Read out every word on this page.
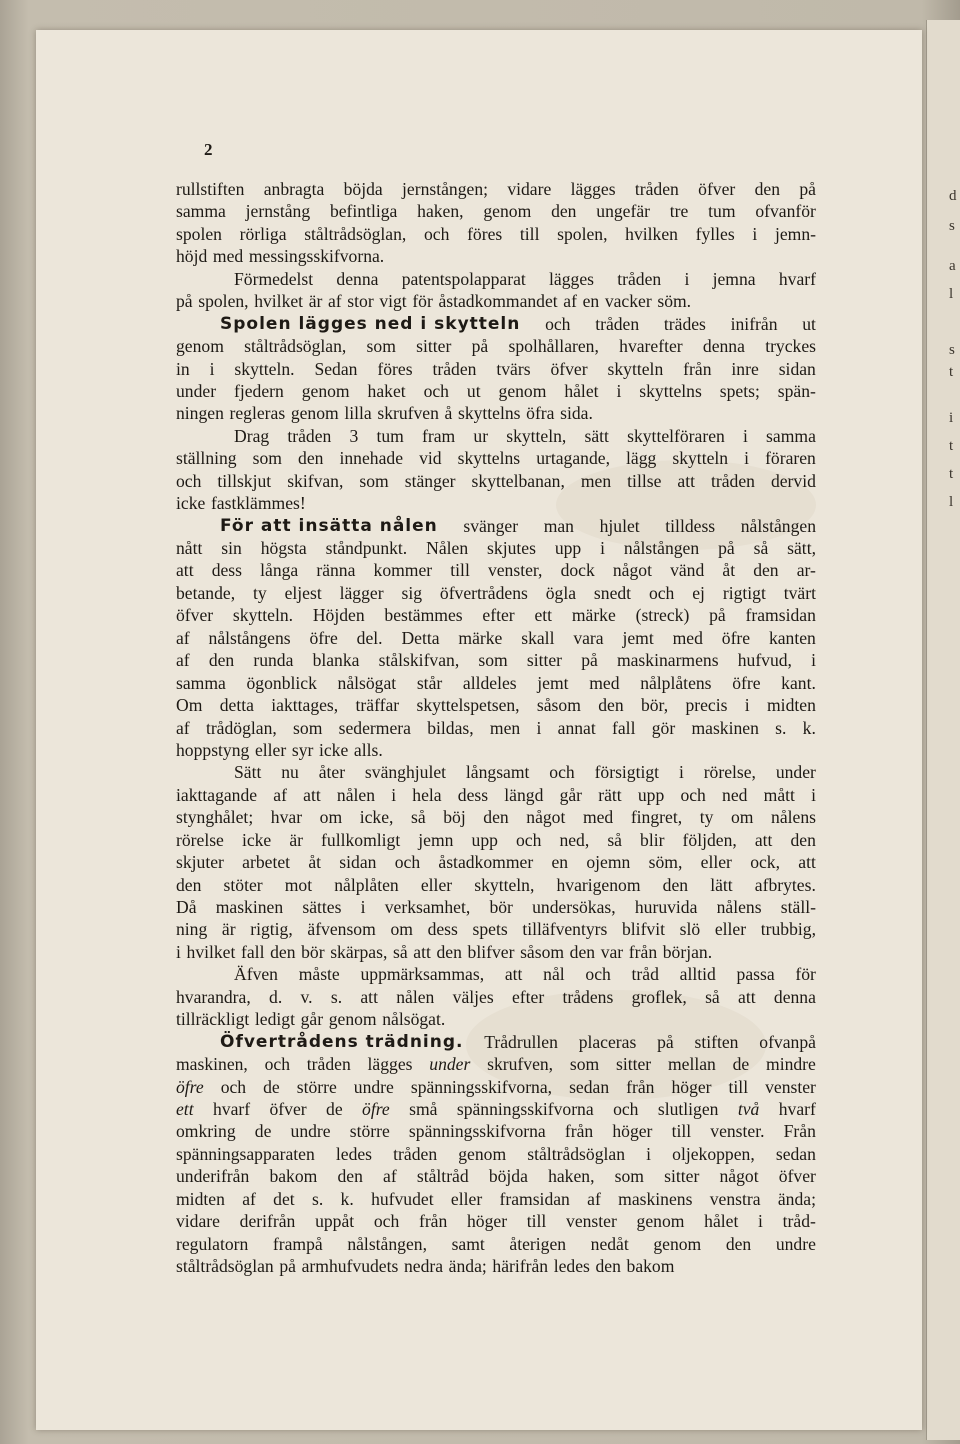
d
s
a
l
s
t
i
t
t
l
2
rullstiften anbragta böjda jernstången; vidare lägges tråden öfver den på
samma jernstång befintliga haken, genom den ungefär tre tum ofvanför
spolen rörliga ståltrådsöglan, och föres till spolen, hvilken fylles i jemn-
höjd med messingsskifvorna.
Förmedelst denna patentspolapparat lägges tråden i jemna hvarf
på spolen, hvilket är af stor vigt för åstadkommandet af en vacker söm.
Spolen lägges ned i skytteln och tråden trädes inifrån ut
genom ståltrådsöglan, som sitter på spolhållaren, hvarefter denna tryckes
in i skytteln. Sedan föres tråden tvärs öfver skytteln från inre sidan
under fjedern genom haket och ut genom hålet i skyttelns spets; spän-
ningen regleras genom lilla skrufven å skyttelns öfra sida.
Drag tråden 3 tum fram ur skytteln, sätt skyttelföraren i samma
ställning som den innehade vid skyttelns urtagande, lägg skytteln i föraren
och tillskjut skifvan, som stänger skyttelbanan, men tillse att tråden dervid
icke fastklämmes!
För att insätta nålen svänger man hjulet tilldess nålstången
nått sin högsta ståndpunkt. Nålen skjutes upp i nålstången på så sätt,
att dess långa ränna kommer till venster, dock något vänd åt den ar-
betande, ty eljest lägger sig öfvertrådens ögla snedt och ej rigtigt tvärt
öfver skytteln. Höjden bestämmes efter ett märke (streck) på framsidan
af nålstångens öfre del. Detta märke skall vara jemt med öfre kanten
af den runda blanka stålskifvan, som sitter på maskinarmens hufvud, i
samma ögonblick nålsögat står alldeles jemt med nålplåtens öfre kant.
Om detta iakttages, träffar skyttelspetsen, såsom den bör, precis i midten
af trådöglan, som sedermera bildas, men i annat fall gör maskinen s. k.
hoppstyng eller syr icke alls.
Sätt nu åter svänghjulet långsamt och försigtigt i rörelse, under
iakttagande af att nålen i hela dess längd går rätt upp och ned mått i
stynghålet; hvar om icke, så böj den något med fingret, ty om nålens
rörelse icke är fullkomligt jemn upp och ned, så blir följden, att den
skjuter arbetet åt sidan och åstadkommer en ojemn söm, eller ock, att
den stöter mot nålplåten eller skytteln, hvarigenom den lätt afbrytes.
Då maskinen sättes i verksamhet, bör undersökas, huruvida nålens ställ-
ning är rigtig, äfvensom om dess spets tilläfventyrs blifvit slö eller trubbig,
i hvilket fall den bör skärpas, så att den blifver såsom den var från början.
Äfven måste uppmärksammas, att nål och tråd alltid passa för
hvarandra, d. v. s. att nålen väljes efter trådens groflek, så att denna
tillräckligt ledigt går genom nålsögat.
Öfvertrådens trädning. Trådrullen placeras på stiften ofvanpå
maskinen, och tråden lägges under skrufven, som sitter mellan de mindre
öfre och de större undre spänningsskifvorna, sedan från höger till venster
ett hvarf öfver de öfre små spänningsskifvorna och slutligen två hvarf
omkring de undre större spänningsskifvorna från höger till venster. Från
spänningsapparaten ledes tråden genom ståltrådsöglan i oljekoppen, sedan
underifrån bakom den af ståltråd böjda haken, som sitter något öfver
midten af det s. k. hufvudet eller framsidan af maskinens venstra ända;
vidare derifrån uppåt och från höger till venster genom hålet i tråd-
regulatorn frampå nålstången, samt återigen nedåt genom den undre
ståltrådsöglan på armhufvudets nedra ända; härifrån ledes den bakom
